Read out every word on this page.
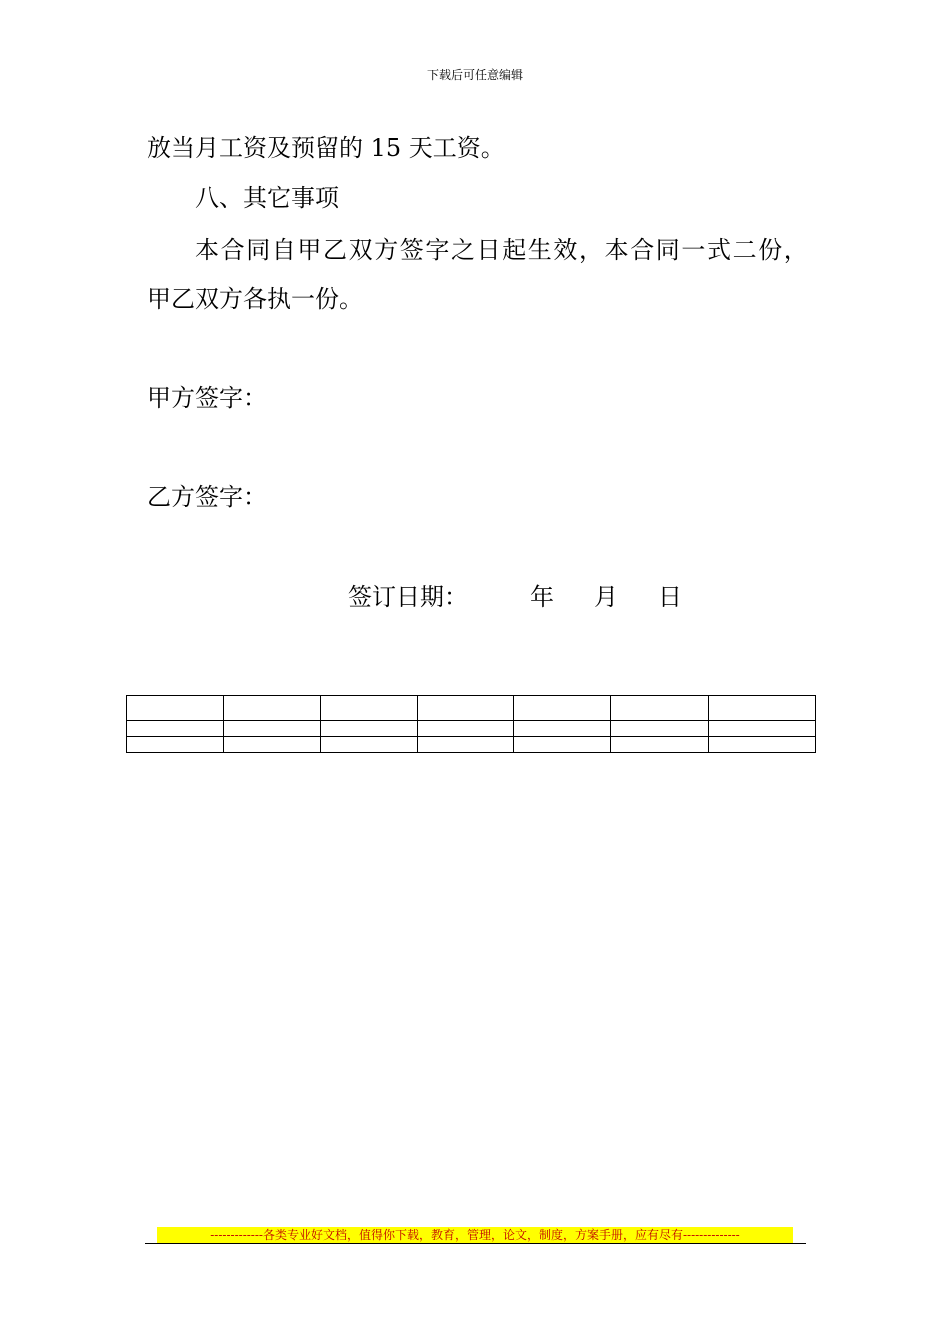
下载后可任意编辑
放当月工资及预留的 15 天工资。
八、其它事项
本合同自甲乙双方签字之日起生效，本合同一式二份，
甲乙双方各执一份。
甲方签字：
乙方签字：
签订日期：	年 月 日

-------------各类专业好文档，值得你下载，教育，管理，论文，制度，方案手册，应有尽有--------------
